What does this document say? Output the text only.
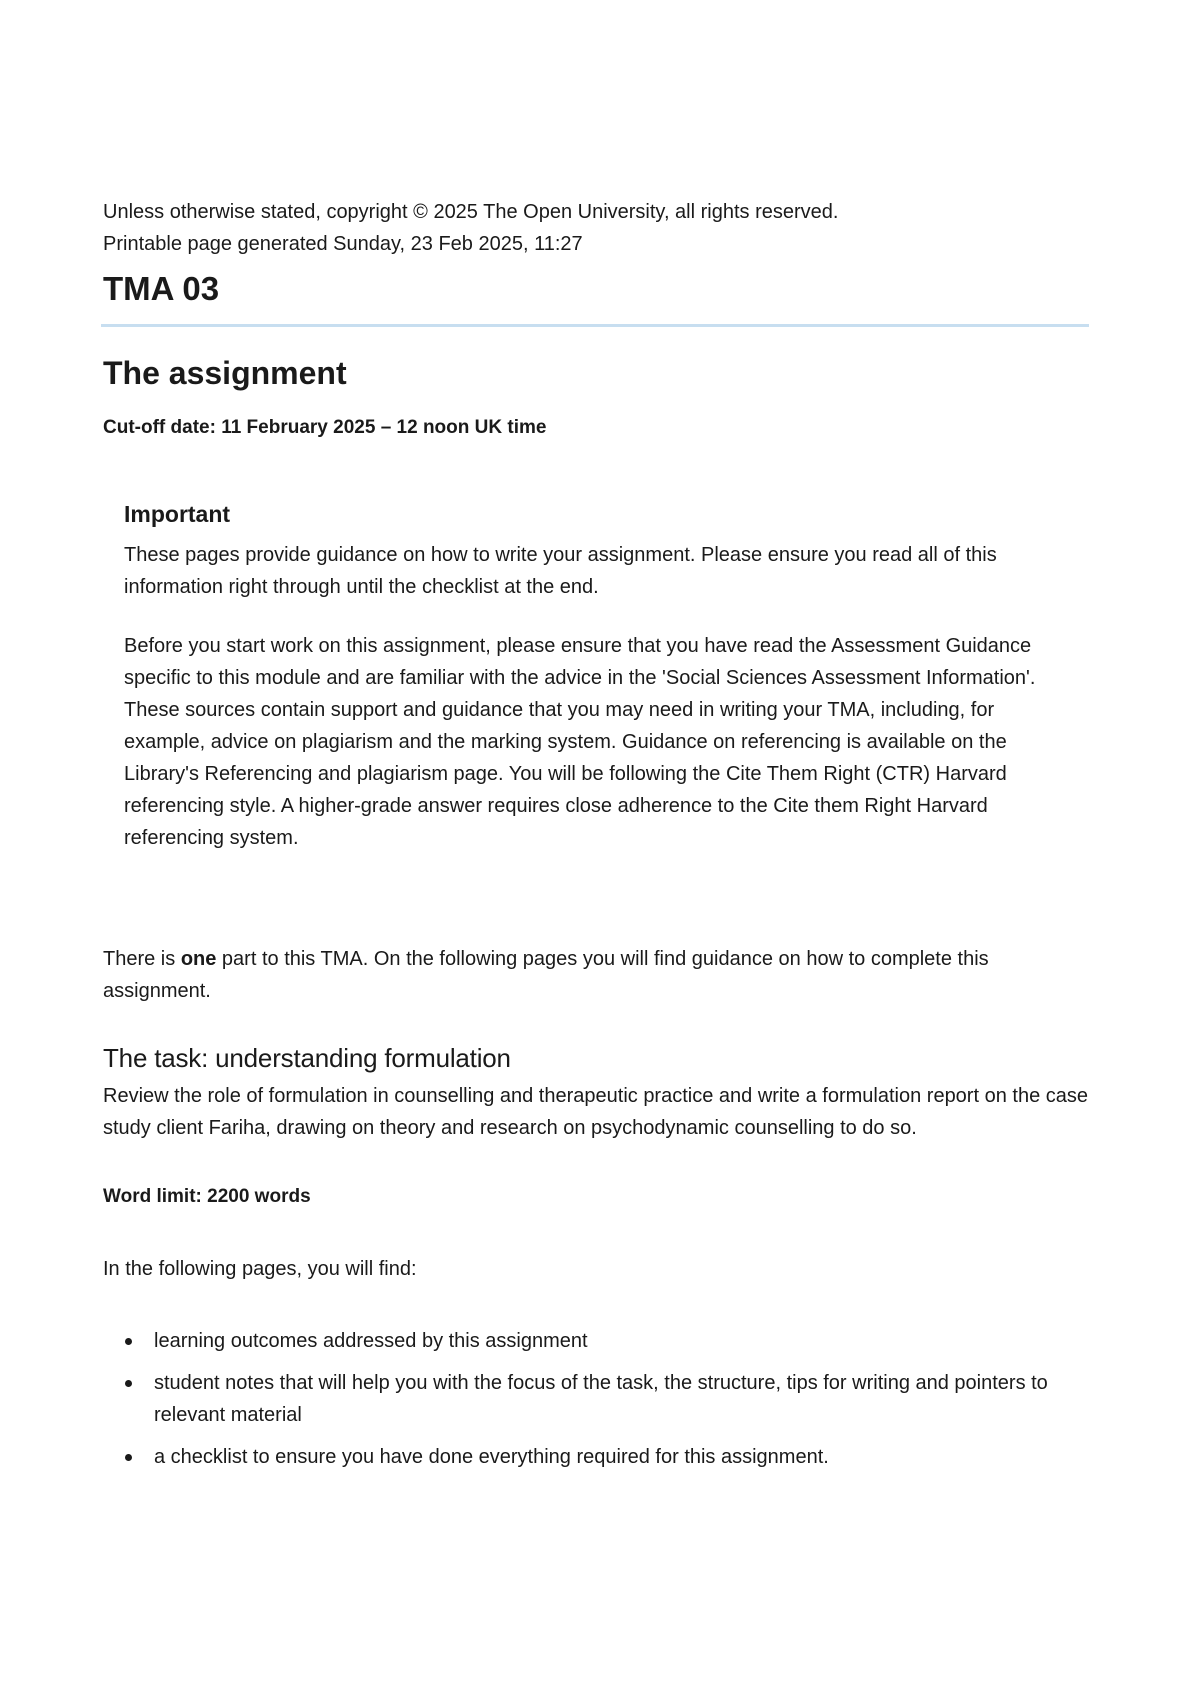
Unless otherwise stated, copyright © 2025 The Open University, all rights reserved.

Printable page generated Sunday, 23 Feb 2025, 11:27

TMA 03
The assignment

Cut-off date: 11 February 2025 – 12 noon UK time

Important

These pages provide guidance on how to write your assignment. Please ensure you read all of this information right through until the checklist at the end.

Before you start work on this assignment, please ensure that you have read the Assessment Guidance specific to this module and are familiar with the advice in the 'Social Sciences Assessment Information'. These sources contain support and guidance that you may need in writing your TMA, including, for example, advice on plagiarism and the marking system. Guidance on referencing is available on the Library's Referencing and plagiarism page. You will be following the Cite Them Right (CTR) Harvard referencing style. A higher-grade answer requires close adherence to the Cite them Right Harvard referencing system.

There is one part to this TMA. On the following pages you will find guidance on how to complete this assignment.

The task: understanding formulation

Review the role of formulation in counselling and therapeutic practice and write a formulation report on the case study client Fariha, drawing on theory and research on psychodynamic counselling to do so.

Word limit: 2200 words

In the following pages, you will find:

learning outcomes addressed by this assignment
student notes that will help you with the focus of the task, the structure, tips for writing and pointers to relevant material
a checklist to ensure you have done everything required for this assignment.
